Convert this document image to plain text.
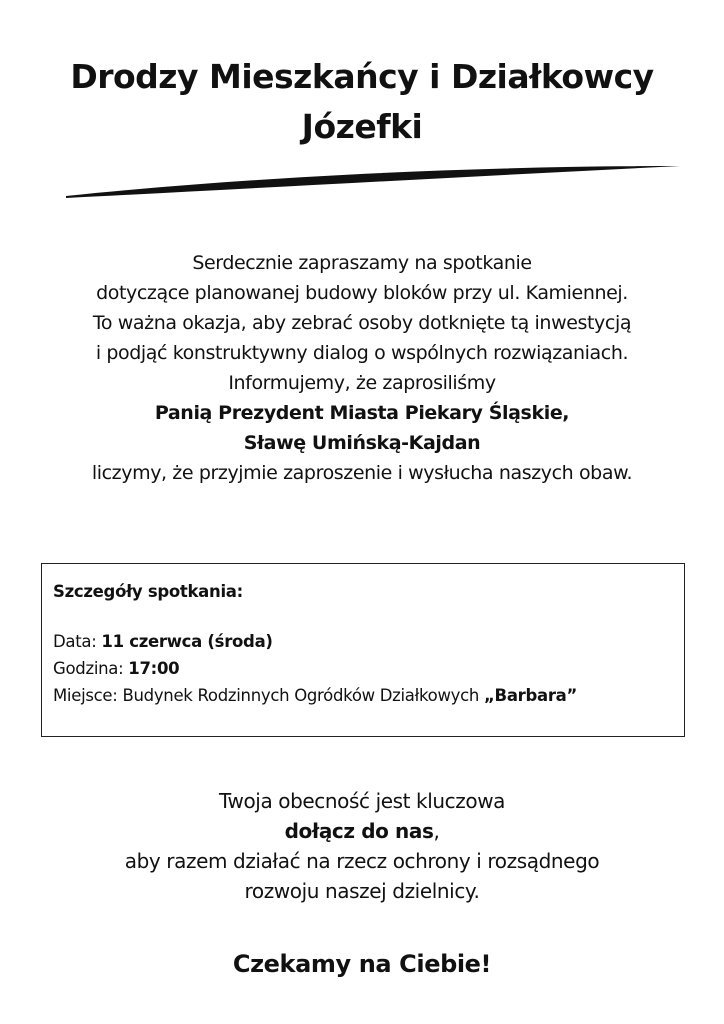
Drodzy Mieszkańcy i Działkowcy
Józefki
Serdecznie zapraszamy na spotkanie
dotyczące planowanej budowy bloków przy ul. Kamiennej.
To ważna okazja, aby zebrać osoby dotknięte tą inwestycją
i podjąć konstruktywny dialog o wspólnych rozwiązaniach.
Informujemy, że zaprosiliśmy
Panią Prezydent Miasta Piekary Śląskie,
Sławę Umińską-Kajdan
liczymy, że przyjmie zaproszenie i wysłucha naszych obaw.
Szczegóły spotkania:
Data: 11 czerwca (środa)
Godzina: 17:00
Miejsce: Budynek Rodzinnych Ogródków Działkowych „Barbara”
Twoja obecność jest kluczowa
dołącz do nas,
aby razem działać na rzecz ochrony i rozsądnego
rozwoju naszej dzielnicy.
Czekamy na Ciebie!
